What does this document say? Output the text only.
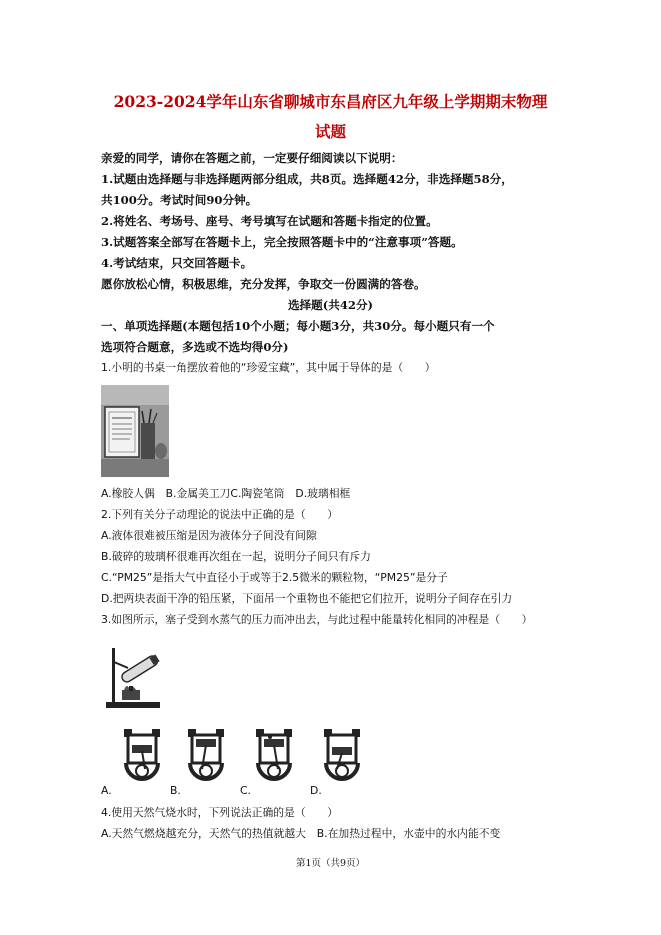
2023-2024学年山东省聊城市东昌府区九年级上学期期末物理
试题
亲爱的同学，请你在答题之前，一定要仔细阅读以下说明：
1.试题由选择题与非选择题两部分组成，共8页。选择题42分，非选择题58分，
共100分。考试时间90分钟。
2.将姓名、考场号、座号、考号填写在试题和答题卡指定的位置。
3.试题答案全部写在答题卡上，完全按照答题卡中的“注意事项”答题。
4.考试结束，只交回答题卡。
愿你放松心情，积极思维，充分发挥，争取交一份圆满的答卷。
选择题(共42分)
一、单项选择题(本题包括10个小题；每小题3分，共30分。每小题只有一个
选项符合题意，多选或不选均得0分)
1.小明的书桌一角摆放着他的“珍爱宝藏”，其中属于导体的是（　　）
A.橡胶人偶　B.金属美工刀C.陶瓷笔筒　D.玻璃相框
2.下列有关分子动理论的说法中正确的是（　　）
A.液体很难被压缩是因为液体分子间没有间隙
B.破碎的玻璃杯很难再次组在一起，说明分子间只有斥力
C.“PM25”是指大气中直径小于或等于2.5微米的颗粒物，“PM25”是分子
D.把两块表面干净的铅压紧，下面吊一个重物也不能把它们拉开，说明分子间存在引力
3.如图所示，塞子受到水蒸气的压力而冲出去，与此过程中能量转化相同的冲程是（　　）
A.	B.	C.	D.
4.使用天然气烧水时，下列说法正确的是（　　）
A.天然气燃烧越充分，天然气的热值就越大　B.在加热过程中，水壶中的水内能不变
第1页（共9页）
